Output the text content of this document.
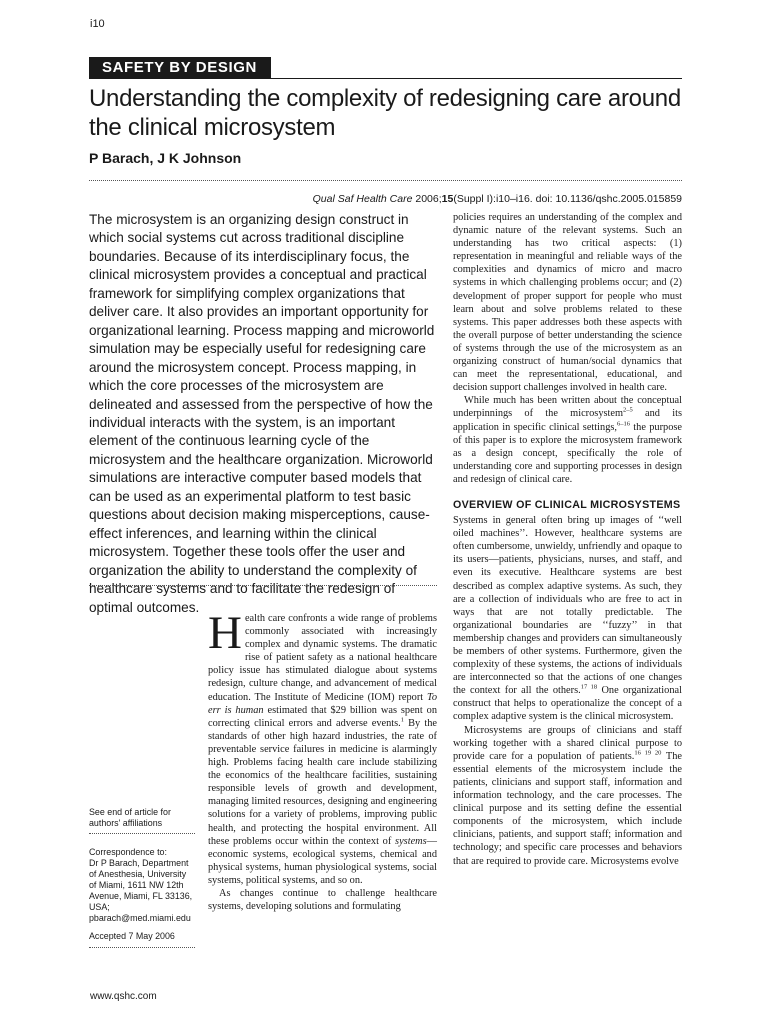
i10
SAFETY BY DESIGN
Understanding the complexity of redesigning care around
the clinical microsystem
P Barach, J K Johnson
Qual Saf Health Care 2006;15(Suppl I):i10–i16. doi: 10.1136/qshc.2005.015859

The microsystem is an organizing design construct in which social systems cut across traditional discipline boundaries. Because of its interdisciplinary focus, the clinical microsystem provides a conceptual and practical framework for simplifying complex organizations that deliver care. It also provides an important opportunity for organizational learning. Process mapping and microworld simulation may be especially useful for redesigning care around the microsystem concept. Process mapping, in which the core processes of the microsystem are delineated and assessed from the perspective of how the individual interacts with the system, is an important element of the continuous learning cycle of the microsystem and the healthcare organization. Microworld simulations are interactive computer based models that can be used as an experimental platform to test basic questions about decision making misperceptions, cause-effect inferences, and learning within the clinical microsystem. Together these tools offer the user and organization the ability to understand the complexity of healthcare systems and to facilitate the redesign of optimal outcomes.

See end of article for authors' affiliations
Correspondence to:
Dr P Barach, Department of Anesthesia, University of Miami, 1611 NW 12th Avenue, Miami, FL 33136, USA; pbarach@med.miami.edu
Accepted 7 May 2006

Health care confronts a wide range of problems commonly associated with increasingly complex and dynamic systems. The dramatic rise of patient safety as a national healthcare policy issue has stimulated dialogue about systems redesign, culture change, and advancement of medical education. The Institute of Medicine (IOM) report To err is human estimated that $29 billion was spent on correcting clinical errors and adverse events.$^1$ By the standards of other high hazard industries, the rate of preventable service failures in medicine is alarmingly high. Problems facing health care include stabilizing the economics of the healthcare facilities, sustaining responsible levels of growth and development, managing limited resources, designing and engineering solutions for a variety of problems, improving public health, and protecting the hospital environment. All these problems occur within the context of systems—economic systems, ecological systems, chemical and physical systems, human physiological systems, social systems, political systems, and so on.

As changes continue to challenge healthcare systems, developing solutions and formulating

policies requires an understanding of the complex and dynamic nature of the relevant systems. Such an understanding has two critical aspects: (1) representation in meaningful and reliable ways of the complexities and dynamics of micro and macro systems in which challenging problems occur; and (2) development of proper support for people who must learn about and solve problems related to these systems. This paper addresses both these aspects with the overall purpose of better understanding the science of systems through the use of the microsystem as an organizing construct of human/social dynamics that can meet the representational, educational, and decision support challenges involved in health care.

While much has been written about the conceptual underpinnings of the microsystem$^{2-5}$ and its application in specific clinical settings,$^{6-16}$ the purpose of this paper is to explore the microsystem framework as a design concept, specifically the role of understanding core and supporting processes in design and redesign of clinical care.

OVERVIEW OF CLINICAL MICROSYSTEMS

Systems in general often bring up images of ‘‘well oiled machines’’. However, healthcare systems are often cumbersome, unwieldy, unfriendly and opaque to its users—patients, physicians, nurses, and staff, and even its executive. Healthcare systems are best described as complex adaptive systems. As such, they are a collection of individuals who are free to act in ways that are not totally predictable. The organizational boundaries are ‘‘fuzzy’’ in that membership changes and providers can simultaneously be members of other systems. Furthermore, given the complexity of these systems, the actions of individuals are interconnected so that the actions of one changes the context for all the others.$^{17 18}$ One organizational construct that helps to operationalize the concept of a complex adaptive system is the clinical microsystem.

Microsystems are groups of clinicians and staff working together with a shared clinical purpose to provide care for a population of patients.$^{16 19 20}$ The essential elements of the microsystem include the patients, clinicians and support staff, information and information technology, and the care processes. The clinical purpose and its setting define the essential components of the microsystem, which include clinicians, patients, and support staff; information and technology; and specific care processes and behaviors that are required to provide care. Microsystems evolve

www.qshc.com
